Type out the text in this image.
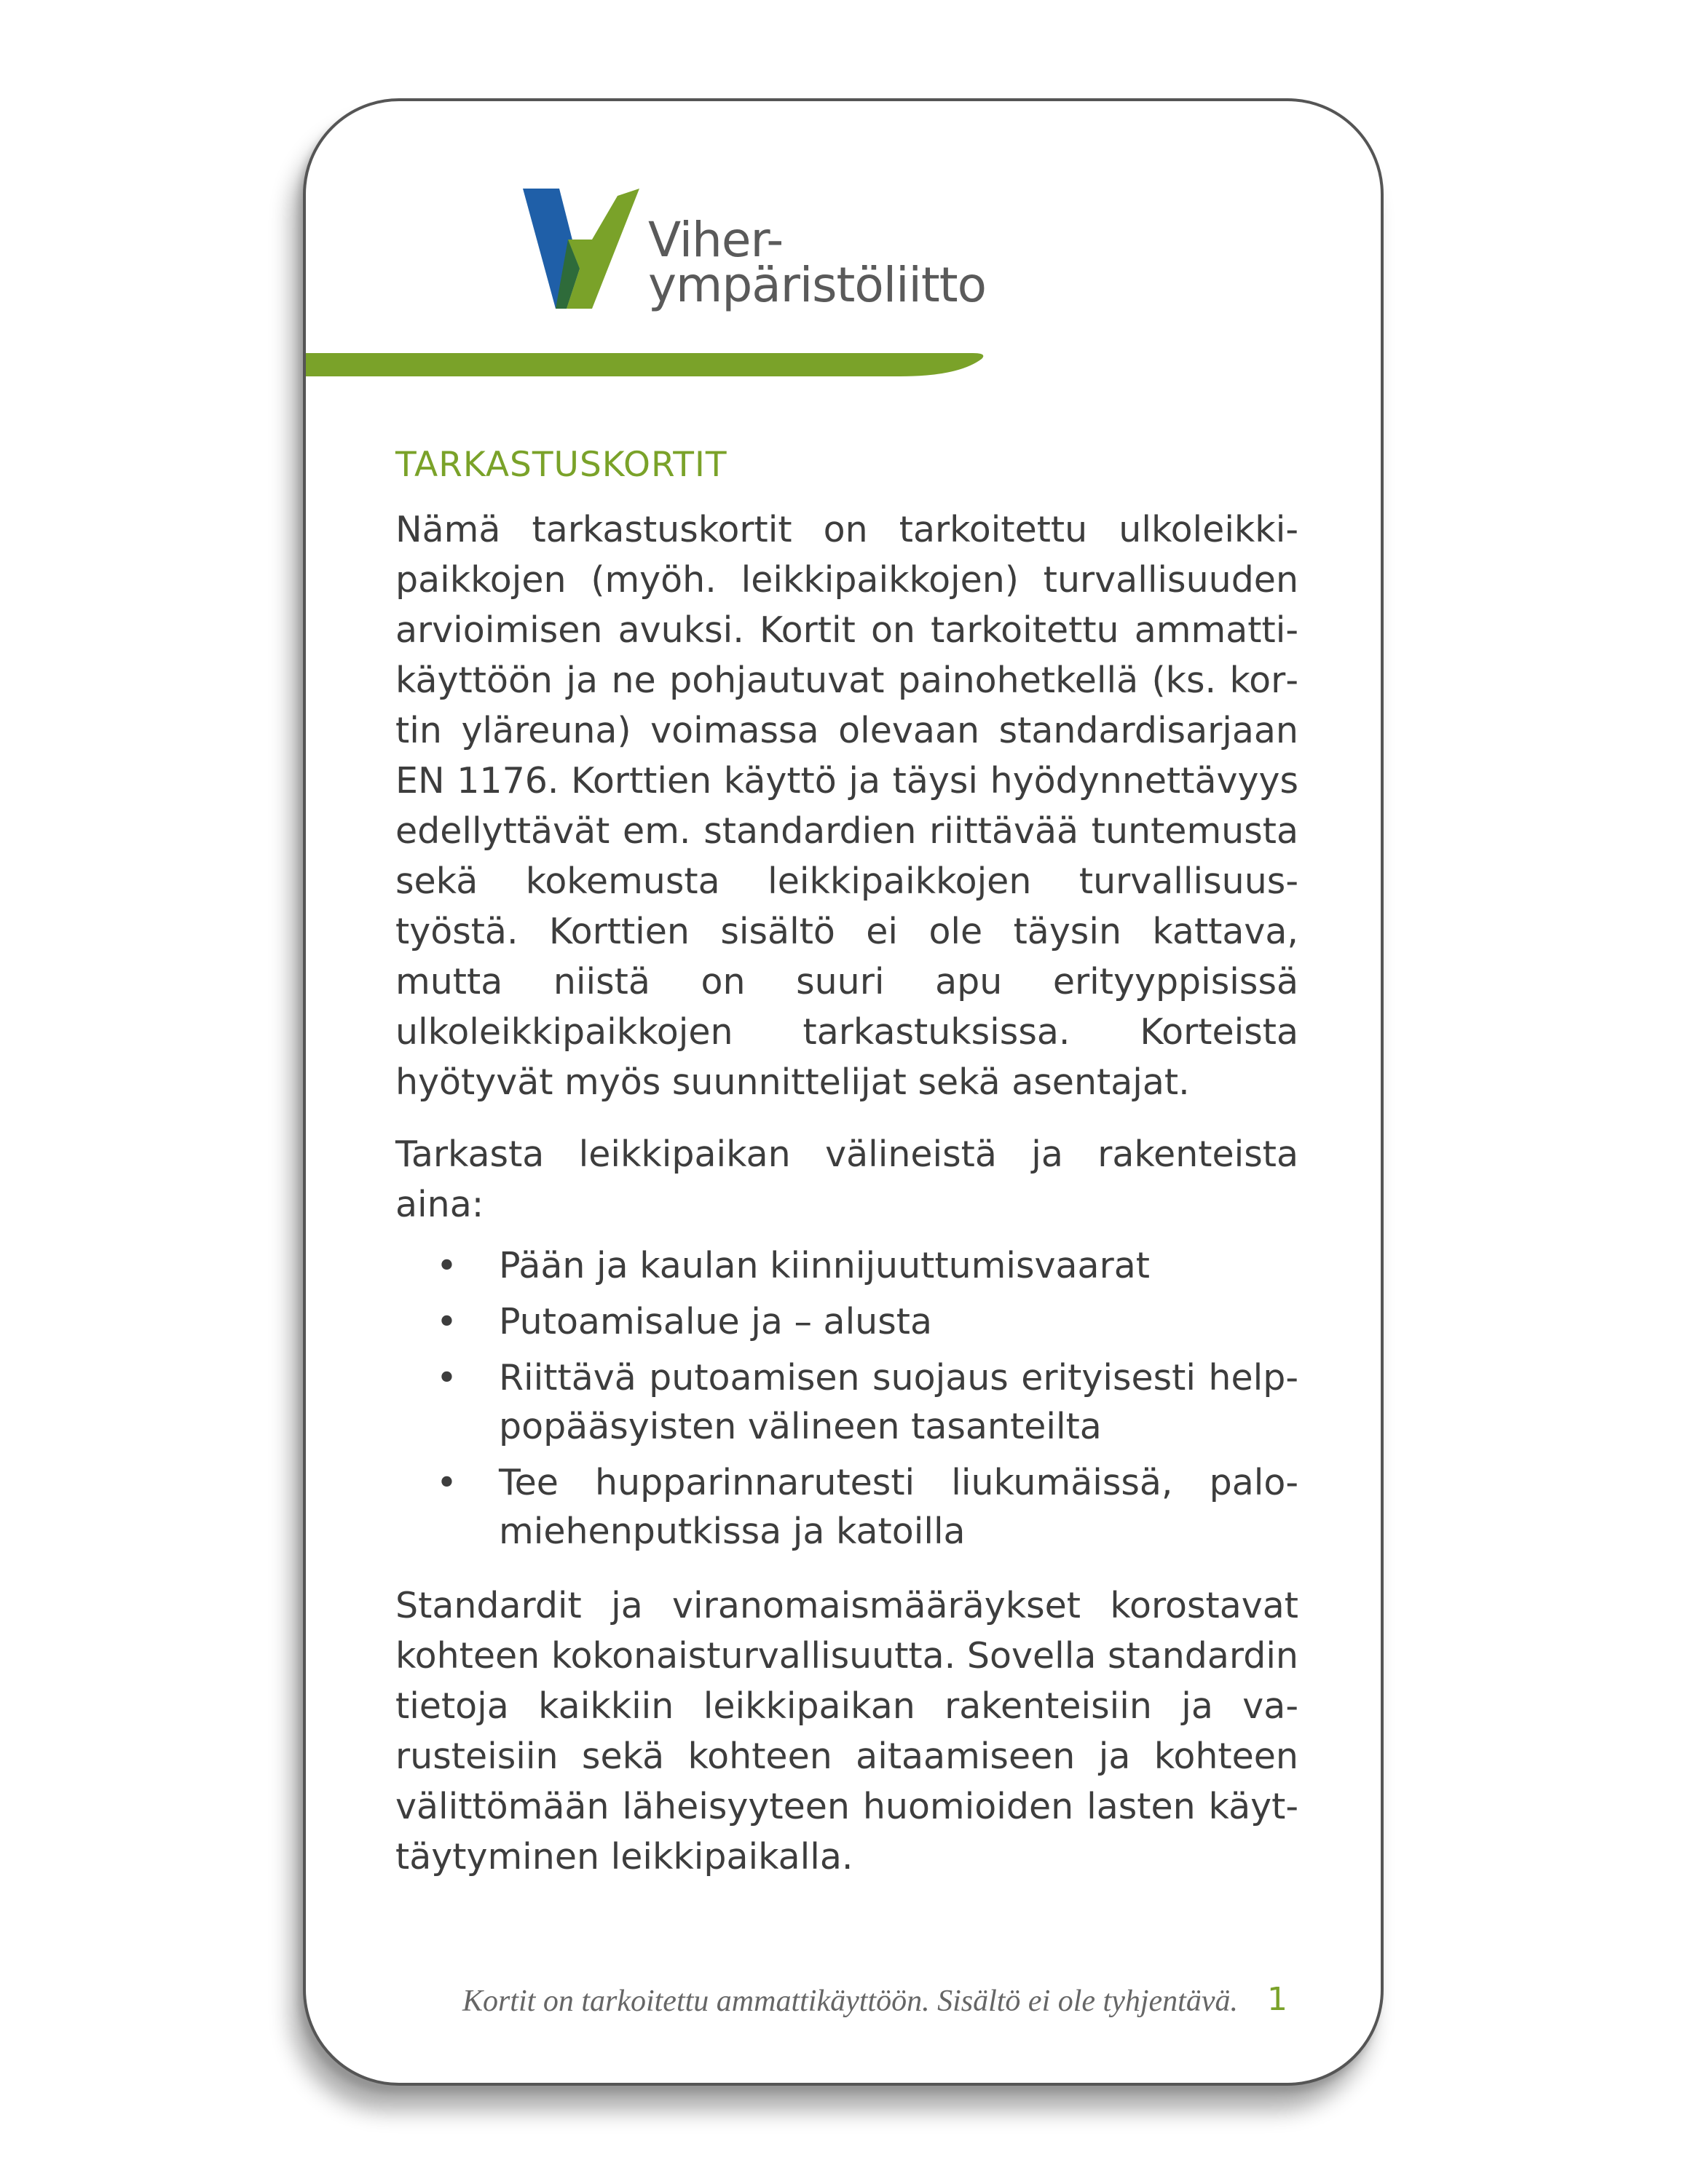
Viher-
ympäristöliitto
TARKASTUSKORTIT

Nämä tarkastuskortit on tarkoitettu ulkoleikkipaikkojen (myöh. leikkipaikkojen) turvallisuuden arvioimisen avuksi. Kortit on tarkoitettu ammattikäyttöön ja ne pohjautuvat painohetkellä (ks. kortin yläreuna) voimassa olevaan standardisarjaan EN 1176. Korttien käyttö ja täysi hyödynnettävyys edellyttävät em. standardien riittävää tuntemusta sekä kokemusta leikkipaikkojen turvallisuustyöstä. Korttien sisältö ei ole täysin kattava, mutta niistä on suuri apu erityyppisissä ulkoleikkipaikkojen tarkastuksissa. Korteista hyötyvät myös suunnittelijat sekä asentajat.

Tarkasta leikkipaikan välineistä ja rakenteista aina:

• Pään ja kaulan kiinnijuuttumisvaarat
• Putoamisalue ja – alusta
• Riittävä putoamisen suojaus erityisesti helppopääsyisten välineen tasanteilta
• Tee hupparinnarutesti liukumäissä, palomiehenputkissa ja katoilla

Standardit ja viranomaismääräykset korostavat kohteen kokonaisturvallisuutta. Sovella standardin tietoja kaikkiin leikkipaikan rakenteisiin ja varusteisiin sekä kohteen aitaamiseen ja kohteen välittömään läheisyyteen huomioiden lasten käyttäytyminen leikkipaikalla.

Kortit on tarkoitettu ammattikäyttöön. Sisältö ei ole tyhjentävä. 1
